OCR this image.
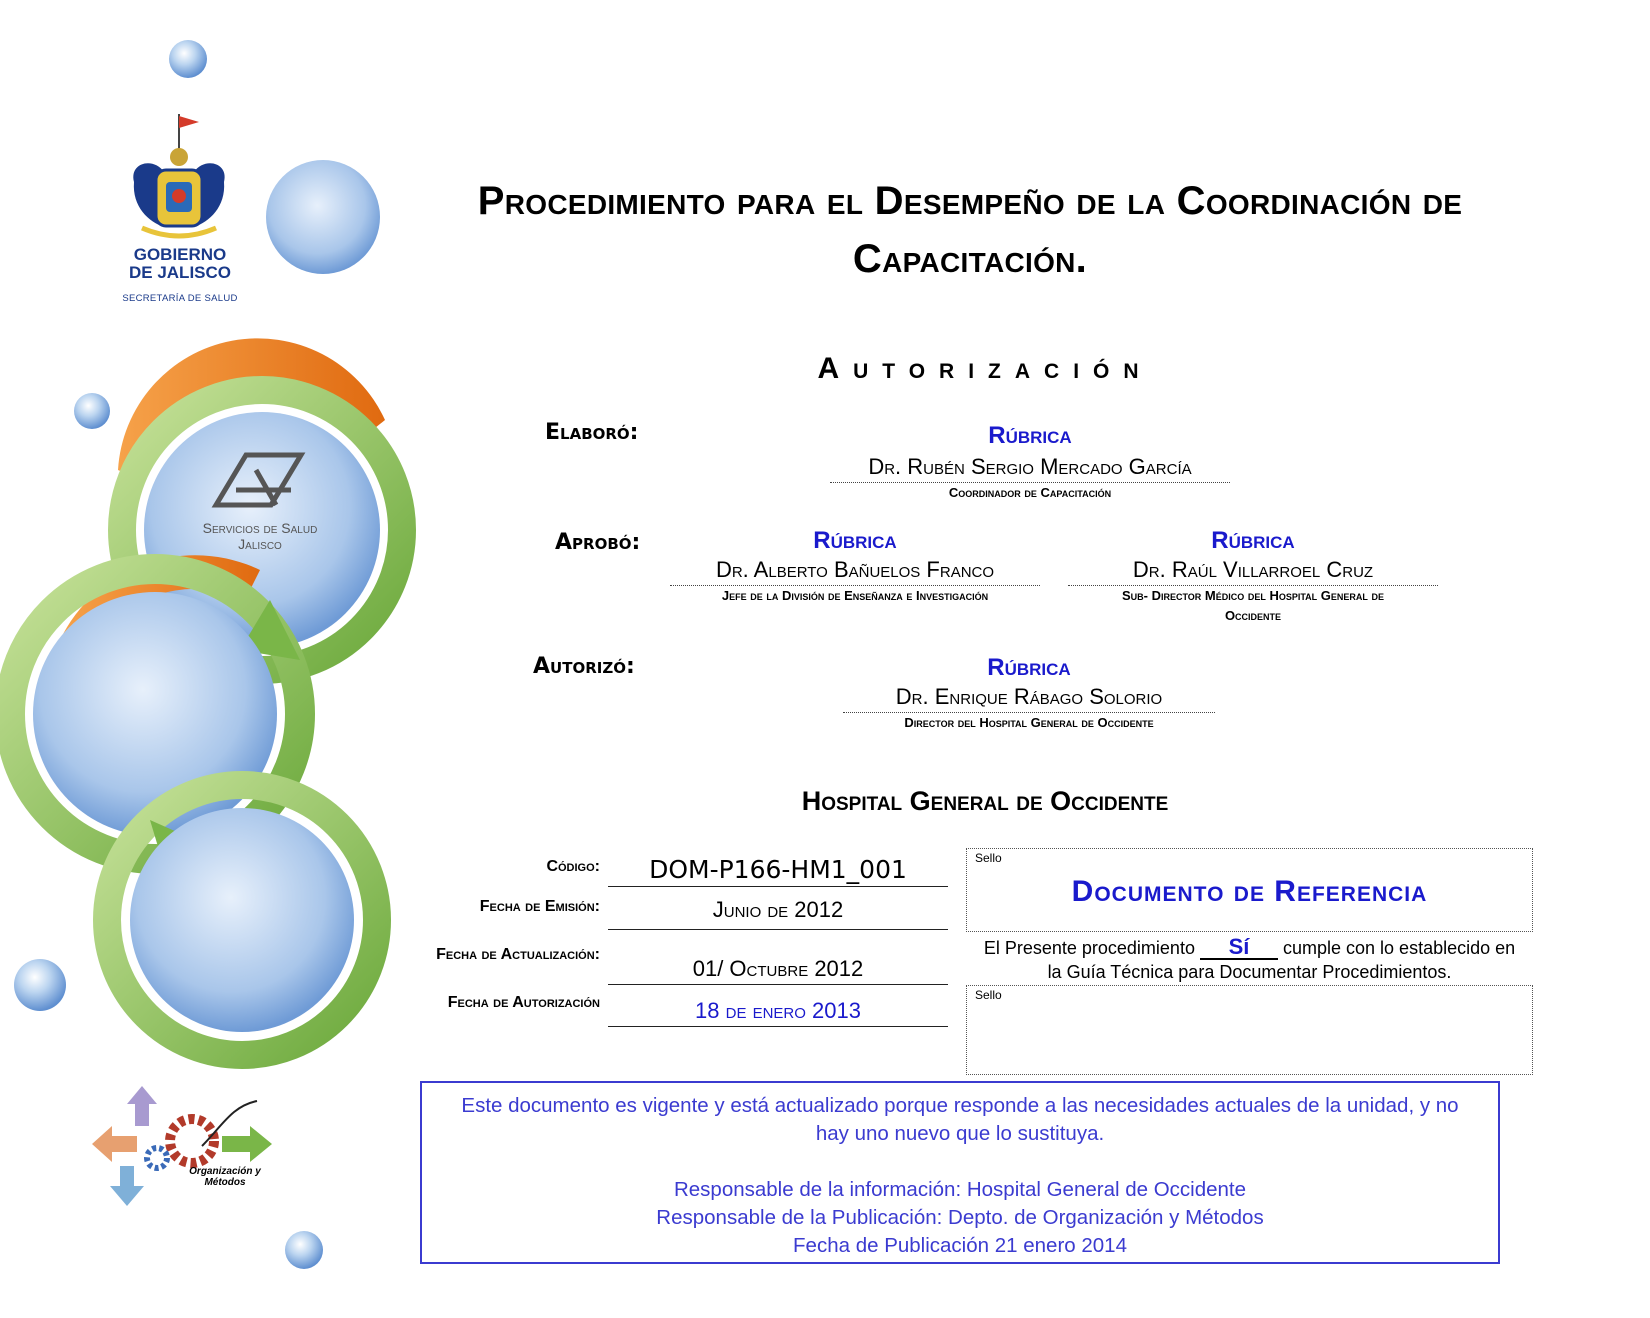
GOBIERNO
DE JALISCO
SECRETARÍA DE SALUD
Servicios de Salud
Jalisco
Organización y
Métodos
Procedimiento para el Desempeño de la Coordinación de
Capacitación.
Autorización
Elaboró:	Rúbrica
Dr. Rubén Sergio Mercado García
Coordinador de Capacitación
Aprobó:	Rúbrica
Dr. Alberto Bañuelos Franco
Jefe de la División de Enseñanza e Investigación
Rúbrica
Dr. Raúl Villarroel Cruz
Sub- Director Médico del Hospital General de
Occidente
Autorizó:	Rúbrica
Dr. Enrique Rábago Solorio
Director del Hospital General de Occidente
Hospital General de Occidente
Código:	DOM-P166-HM1_001
Fecha de Emisión:	Junio de 2012
Fecha de Actualización:
01/ Octubre 2012
Fecha de Autorización	18 de enero 2013
Sello
Documento de Referencia
El Presente procedimiento Sí cumple con lo establecido en
la Guía Técnica para Documentar Procedimientos.
Sello
Este documento es vigente y está actualizado porque responde a las necesidades actuales de la unidad, y no
hay uno nuevo que lo sustituya.
Responsable de la información: Hospital General de Occidente
Responsable de la Publicación: Depto. de Organización y Métodos
Fecha de Publicación 21 enero 2014
